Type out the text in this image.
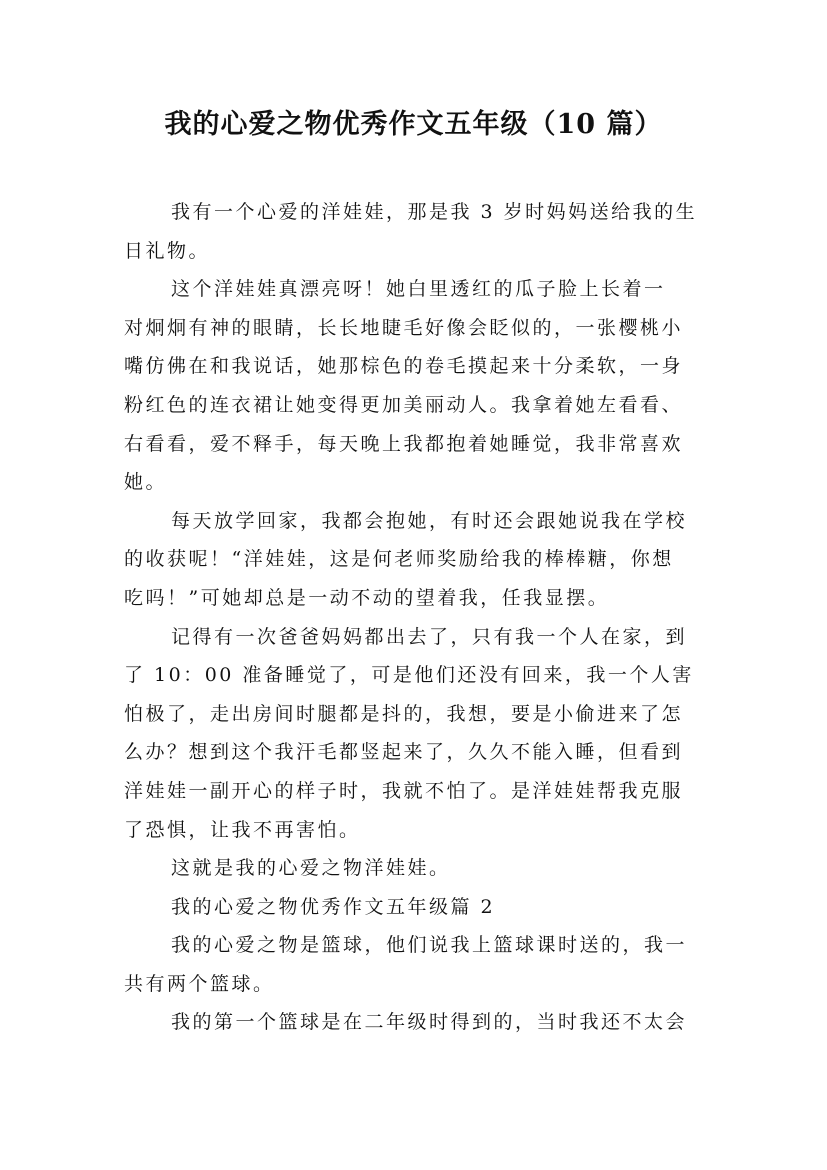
我的心爱之物优秀作文五年级（10 篇）
我有一个心爱的洋娃娃，那是我 3 岁时妈妈送给我的生
日礼物。
这个洋娃娃真漂亮呀！她白里透红的瓜子脸上长着一
对炯炯有神的眼睛，长长地睫毛好像会眨似的，一张樱桃小
嘴仿佛在和我说话，她那棕色的卷毛摸起来十分柔软，一身
粉红色的连衣裙让她变得更加美丽动人。我拿着她左看看、
右看看，爱不释手，每天晚上我都抱着她睡觉，我非常喜欢
她。
每天放学回家，我都会抱她，有时还会跟她说我在学校
的收获呢！“洋娃娃，这是何老师奖励给我的棒棒糖，你想
吃吗！”可她却总是一动不动的望着我，任我显摆。
记得有一次爸爸妈妈都出去了，只有我一个人在家，到
了 10：00 准备睡觉了，可是他们还没有回来，我一个人害
怕极了，走出房间时腿都是抖的，我想，要是小偷进来了怎
么办？想到这个我汗毛都竖起来了，久久不能入睡，但看到
洋娃娃一副开心的样子时，我就不怕了。是洋娃娃帮我克服
了恐惧，让我不再害怕。
这就是我的心爱之物洋娃娃。
我的心爱之物优秀作文五年级篇 2
我的心爱之物是篮球，他们说我上篮球课时送的，我一
共有两个篮球。
我的第一个篮球是在二年级时得到的，当时我还不太会
